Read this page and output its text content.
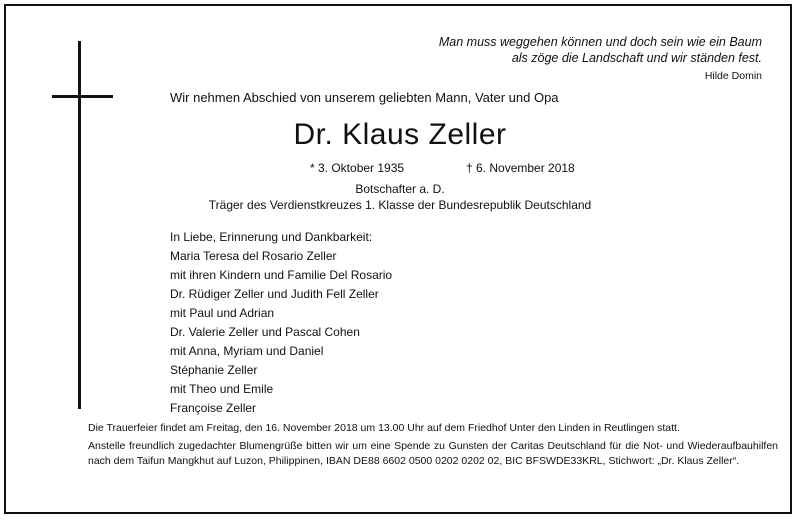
Man muss weggehen können und doch sein wie ein Baum
als zöge die Landschaft und wir ständen fest.
Hilde Domin
Wir nehmen Abschied von unserem geliebten Mann, Vater und Opa
Dr. Klaus Zeller
* 3. Oktober 1935	† 6. November 2018
Botschafter a. D.
Träger des Verdienstkreuzes 1. Klasse der Bundesrepublik Deutschland
In Liebe, Erinnerung und Dankbarkeit:
Maria Teresa del Rosario Zeller
mit ihren Kindern und Familie Del Rosario
Dr. Rüdiger Zeller und Judith Fell Zeller
mit Paul und Adrian
Dr. Valerie Zeller und Pascal Cohen
mit Anna, Myriam und Daniel
Stéphanie Zeller
mit Theo und Emile
Françoise Zeller

Die Trauerfeier findet am Freitag, den 16. November 2018 um 13.00 Uhr auf dem Friedhof Unter den Linden in Reutlingen statt.

Anstelle freundlich zugedachter Blumengrüße bitten wir um eine Spende zu Gunsten der Caritas Deutschland für die Not- und Wiederaufbauhilfen nach dem Taifun Mangkhut auf Luzon, Philippinen, IBAN DE88 6602 0500 0202 0202 02, BIC BFSWDE33KRL, Stichwort: „Dr. Klaus Zeller“.
